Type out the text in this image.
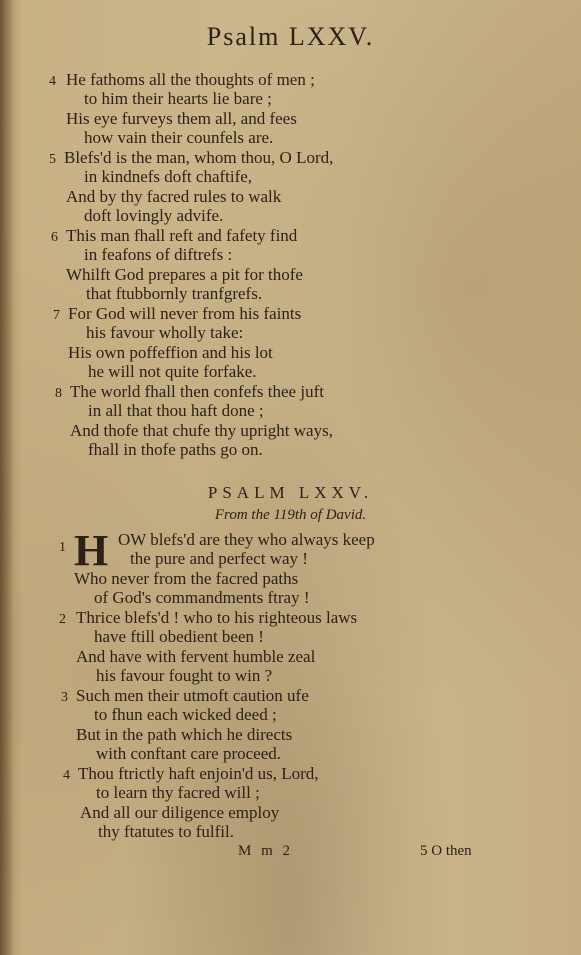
Psalm LXXV.
4 He fathoms all the thoughts of men ;
to him their hearts lie bare ;
His eye furveys them all, and fees
how vain their counfels are.
5 Blefs'd is the man, whom thou, O Lord,
in kindnefs doft chaftife,
And by thy facred rules to walk
doft lovingly advife.
6 This man fhall reft and fafety find
in feafons of diftrefs :
Whilft God prepares a pit for thofe
that ftubbornly tranfgrefs.
7 For God will never from his faints
his favour wholly take:
His own poffeffion and his lot
he will not quite forfake.
8 The world fhall then confefs thee juft
in all that thou haft done ;
And thofe that chufe thy upright ways,
fhall in thofe paths go on.
PSALM LXXV.
From the 119th of David.
H
1	OW blefs'd are they who always keep
the pure and perfect way !
Who never from the facred paths
of God's commandments ftray !
2 Thrice blefs'd ! who to his righteous laws
have ftill obedient been !
And have with fervent humble zeal
his favour fought to win ?
3 Such men their utmoft caution ufe
to fhun each wicked deed ;
But in the path which he directs
with conftant care proceed.
4 Thou ftrictly haft enjoin'd us, Lord,
to learn thy facred will ;
And all our diligence employ
thy ftatutes to fulfil.
M m 2	5 O then
